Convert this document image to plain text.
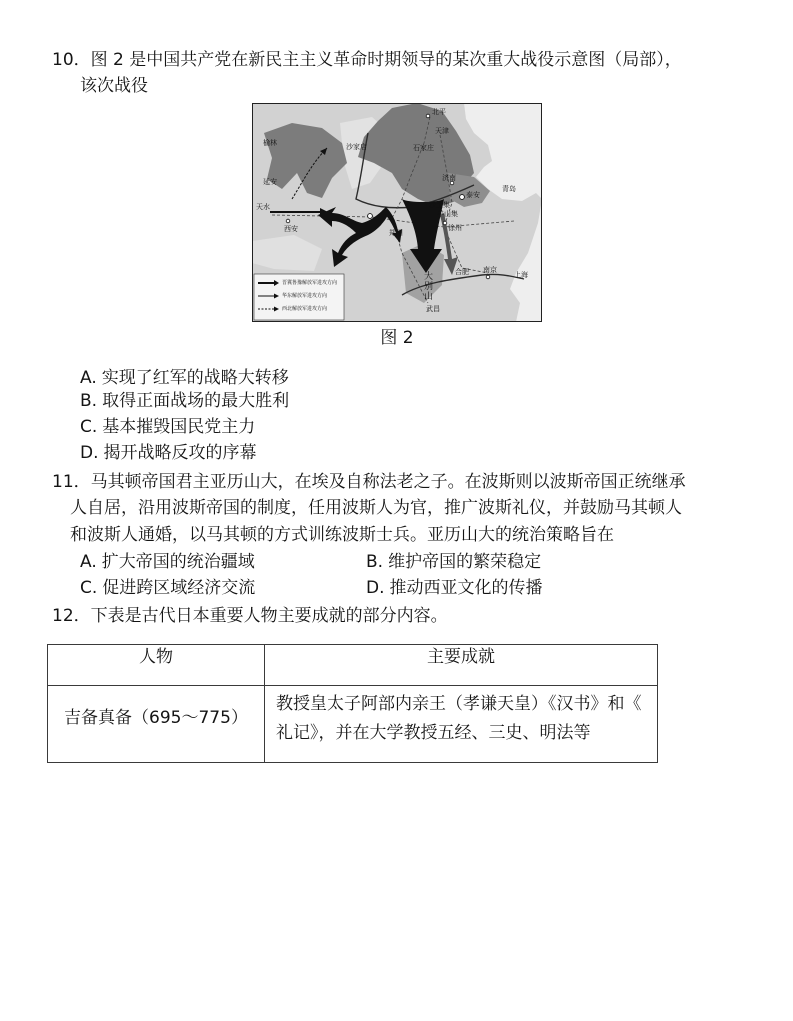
10．图 2 是中国共产党在新民主主义革命时期领导的某次重大战役示意图（局部），
该次战役
北平
天津
榆林	沙家店	石家庄
延安	济南
泰安
青岛
天水
西安
沙土集
羊山集
郑州
徐州
合肥 南京
上海
大别山
武昌
晋冀鲁豫解放军进攻方向
华东解放军进攻方向
西北解放军进攻方向
图 2
A. 实现了红军的战略大转移
B. 取得正面战场的最大胜利
C. 基本摧毁国民党主力
D. 揭开战略反攻的序幕
11．马其顿帝国君主亚历山大，在埃及自称法老之子。在波斯则以波斯帝国正统继承
人自居，沿用波斯帝国的制度，任用波斯人为官，推广波斯礼仪，并鼓励马其顿人
和波斯人通婚，以马其顿的方式训练波斯士兵。亚历山大的统治策略旨在
A. 扩大帝国的统治疆域	B. 维护帝国的繁荣稳定
C. 促进跨区域经济交流	D. 推动西亚文化的传播
12．下表是古代日本重要人物主要成就的部分内容。
人物	主要成就
吉备真备（695～775）	教授皇太子阿部内亲王（孝谦天皇）《汉书》和《
礼记》，并在大学教授五经、三史、明法等
